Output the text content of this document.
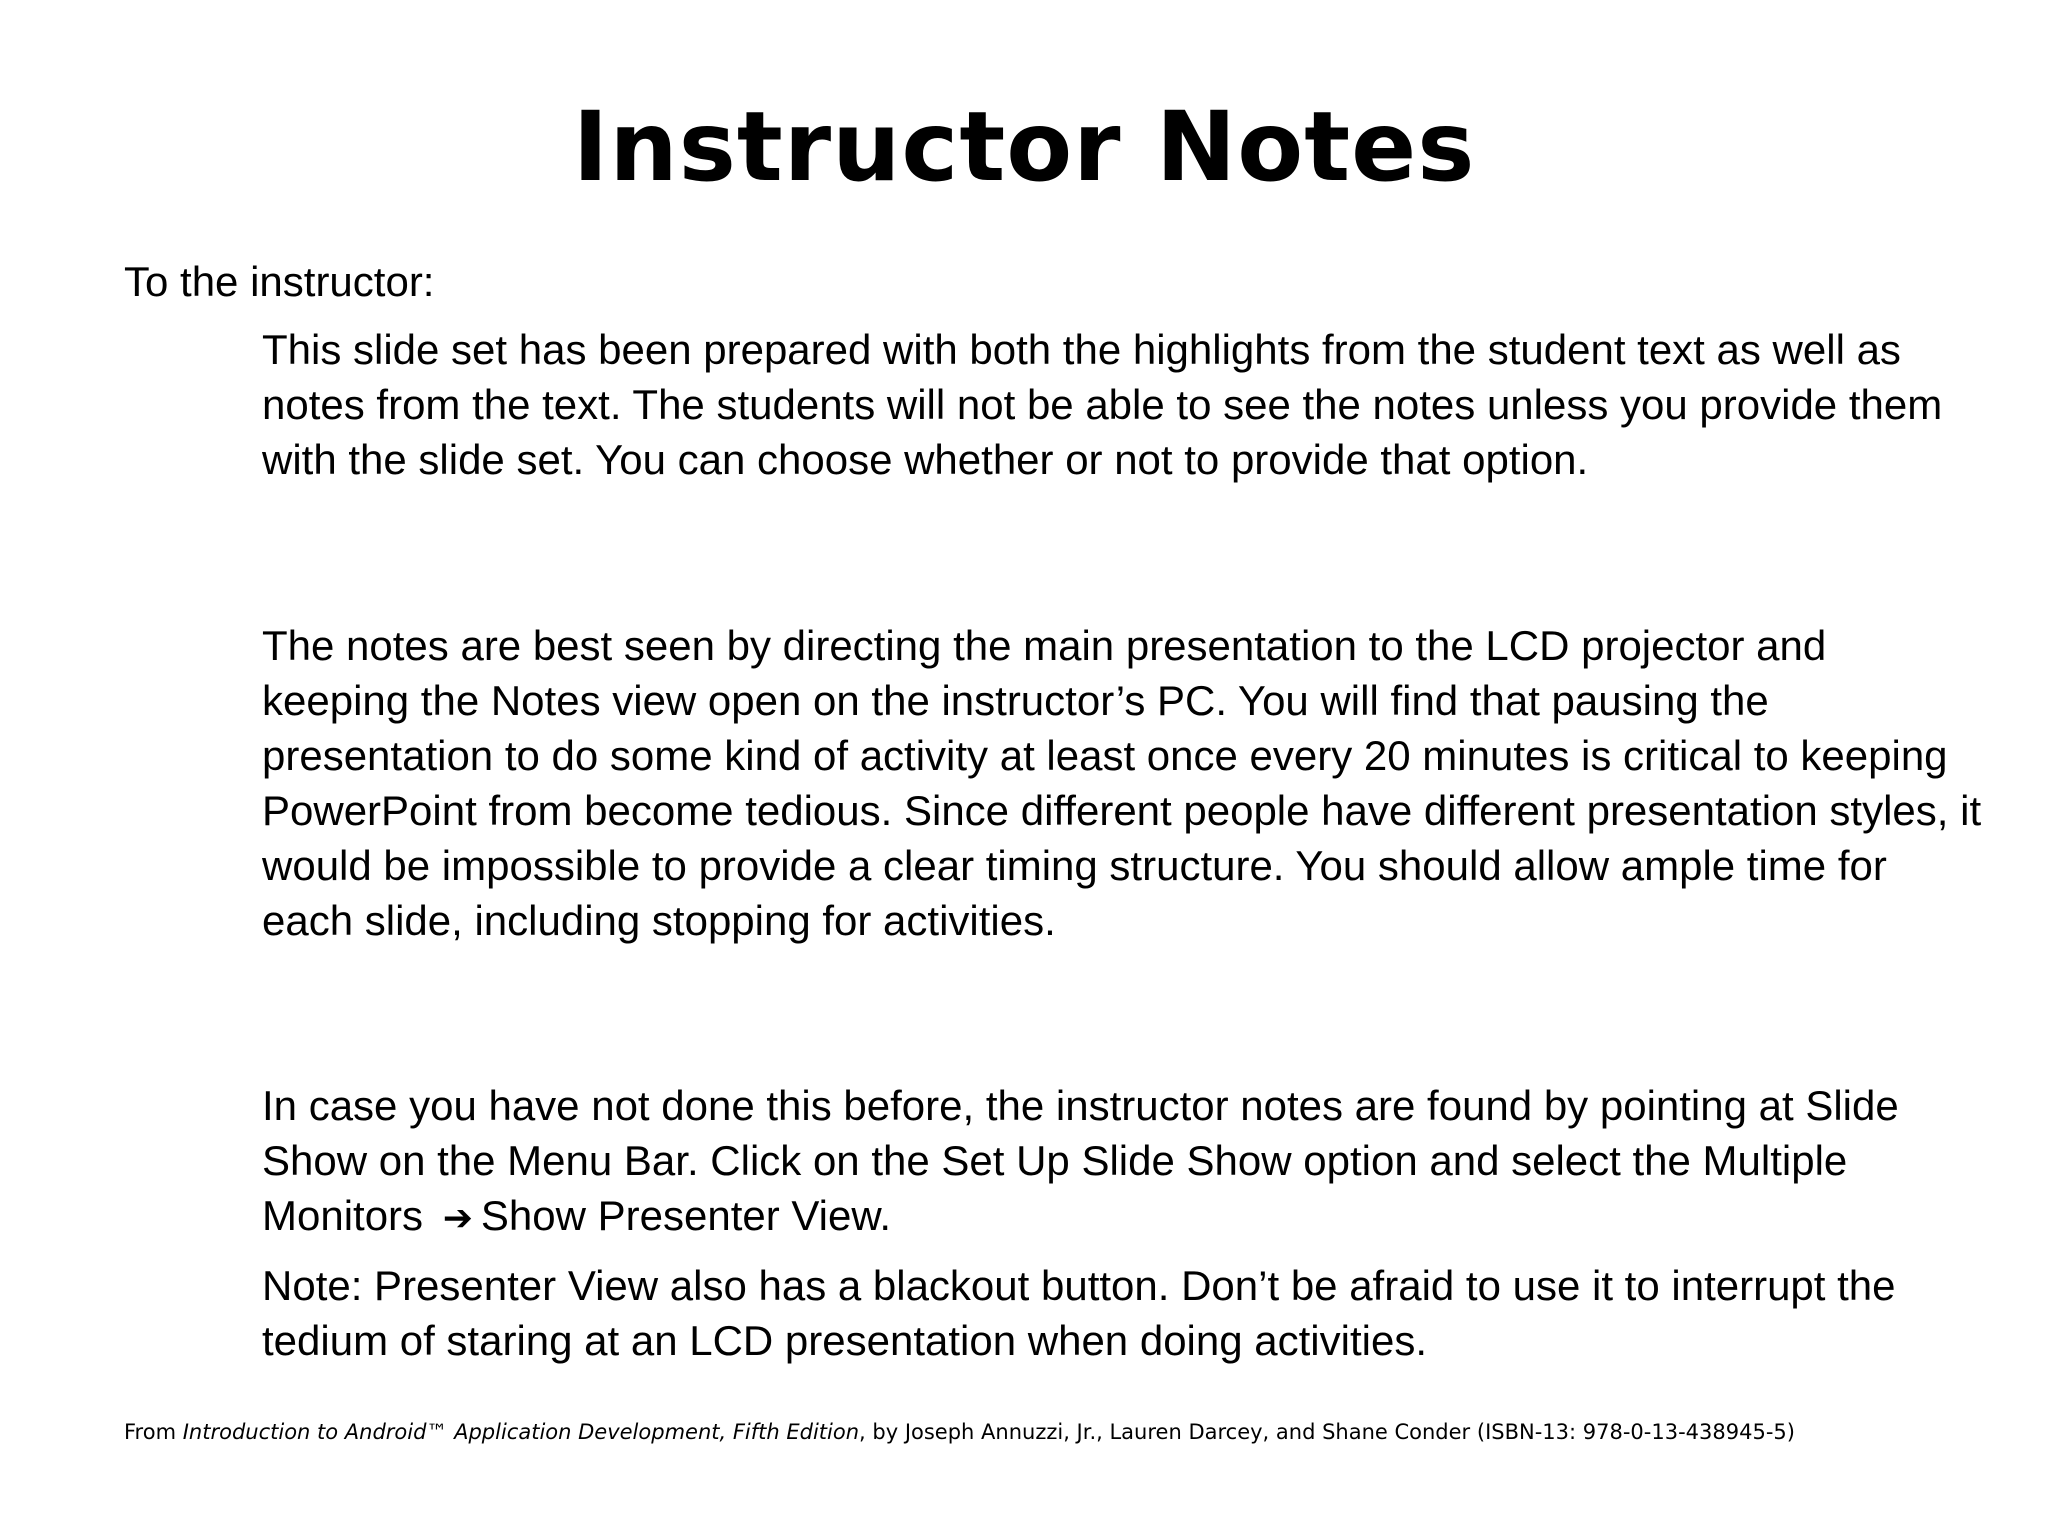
Instructor Notes

To the instructor:

This slide set has been prepared with both the highlights from the student text as well as notes from the text. The students will not be able to see the notes unless you provide them with the slide set. You can choose whether or not to provide that option.

The notes are best seen by directing the main presentation to the LCD projector and keeping the Notes view open on the instructor’s PC. You will find that pausing the presentation to do some kind of activity at least once every 20 minutes is critical to keeping PowerPoint from become tedious. Since different people have different presentation styles, it would be impossible to provide a clear timing structure. You should allow ample time for each slide, including stopping for activities.

In case you have not done this before, the instructor notes are found by pointing at Slide Show on the Menu Bar. Click on the Set Up Slide Show option and select the Multiple Monitors ➔ Show Presenter View.

Note: Presenter View also has a blackout button. Don’t be afraid to use it to interrupt the tedium of staring at an LCD presentation when doing activities.

From Introduction to Android™ Application Development, Fifth Edition, by Joseph Annuzzi, Jr., Lauren Darcey, and Shane Conder (ISBN-13: 978-0-13-438945-5)
